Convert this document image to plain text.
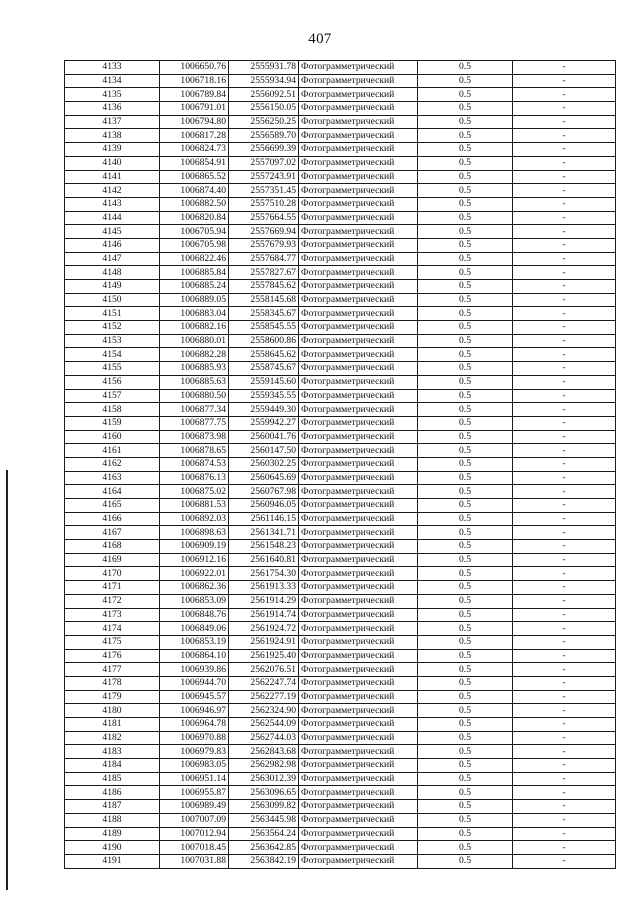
407
4133	1006650.76	2555931.78	Фотограмметрический	0.5	-
4134	1006718.16	2555934.94	Фотограмметрический	0.5	-
4135	1006789.84	2556092.51	Фотограмметрический	0.5	-
4136	1006791.01	2556150.05	Фотограмметрический	0.5	-
4137	1006794.80	2556250.25	Фотограмметрический	0.5	-
4138	1006817.28	2556589.70	Фотограмметрический	0.5	-
4139	1006824.73	2556699.39	Фотограмметрический	0.5	-
4140	1006854.91	2557097.02	Фотограмметрический	0.5	-
4141	1006865.52	2557243.91	Фотограмметрический	0.5	-
4142	1006874.40	2557351.45	Фотограмметрический	0.5	-
4143	1006882.50	2557510.28	Фотограмметрический	0.5	-
4144	1006820.84	2557664.55	Фотограмметрический	0.5	-
4145	1006705.94	2557669.94	Фотограмметрический	0.5	-
4146	1006705.98	2557679.93	Фотограмметрический	0.5	-
4147	1006822.46	2557684.77	Фотограмметрический	0.5	-
4148	1006885.84	2557827.67	Фотограмметрический	0.5	-
4149	1006885.24	2557845.62	Фотограмметрический	0.5	-
4150	1006889.05	2558145.68	Фотограмметрический	0.5	-
4151	1006883.04	2558345.67	Фотограмметрический	0.5	-
4152	1006882.16	2558545.55	Фотограмметрический	0.5	-
4153	1006880.01	2558600.86	Фотограмметрический	0.5	-
4154	1006882.28	2558645.62	Фотограмметрический	0.5	-
4155	1006885.93	2558745.67	Фотограмметрический	0.5	-
4156	1006885.63	2559145.60	Фотограмметрический	0.5	-
4157	1006880.50	2559345.55	Фотограмметрический	0.5	-
4158	1006877.34	2559449.30	Фотограмметрический	0.5	-
4159	1006877.75	2559942.27	Фотограмметрический	0.5	-
4160	1006873.98	2560041.76	Фотограмметрический	0.5	-
4161	1006878.65	2560147.50	Фотограмметрический	0.5	-
4162	1006874.53	2560302.25	Фотограмметрический	0.5	-
4163	1006876.13	2560645.69	Фотограмметрический	0.5	-
4164	1006875.02	2560767.98	Фотограмметрический	0.5	-
4165	1006881.53	2560946.05	Фотограмметрический	0.5	-
4166	1006892.03	2561146.15	Фотограмметрический	0.5	-
4167	1006898.63	2561341.71	Фотограмметрический	0.5	-
4168	1006909.19	2561548.23	Фотограмметрический	0.5	-
4169	1006912.16	2561640.81	Фотограмметрический	0.5	-
4170	1006922.01	2561754.30	Фотограмметрический	0.5	-
4171	1006862.36	2561913.33	Фотограмметрический	0.5	-
4172	1006853.09	2561914.29	Фотограмметрический	0.5	-
4173	1006848.76	2561914.74	Фотограмметрический	0.5	-
4174	1006849.06	2561924.72	Фотограмметрический	0.5	-
4175	1006853.19	2561924.91	Фотограмметрический	0.5	-
4176	1006864.10	2561925.40	Фотограмметрический	0.5	-
4177	1006939.86	2562076.51	Фотограмметрический	0.5	-
4178	1006944.70	2562247.74	Фотограмметрический	0.5	-
4179	1006945.57	2562277.19	Фотограмметрический	0.5	-
4180	1006946.97	2562324.90	Фотограмметрический	0.5	-
4181	1006964.78	2562544.09	Фотограмметрический	0.5	-
4182	1006970.88	2562744.03	Фотограмметрический	0.5	-
4183	1006979.83	2562843.68	Фотограмметрический	0.5	-
4184	1006983.05	2562982.98	Фотограмметрический	0.5	-
4185	1006951.14	2563012.39	Фотограмметрический	0.5	-
4186	1006955.87	2563096.65	Фотограмметрический	0.5	-
4187	1006989.49	2563099.82	Фотограмметрический	0.5	-
4188	1007007.09	2563445.98	Фотограмметрический	0.5	-
4189	1007012.94	2563564.24	Фотограмметрический	0.5	-
4190	1007018.45	2563642.85	Фотограмметрический	0.5	-
4191	1007031.88	2563842.19	Фотограмметрический	0.5	-
